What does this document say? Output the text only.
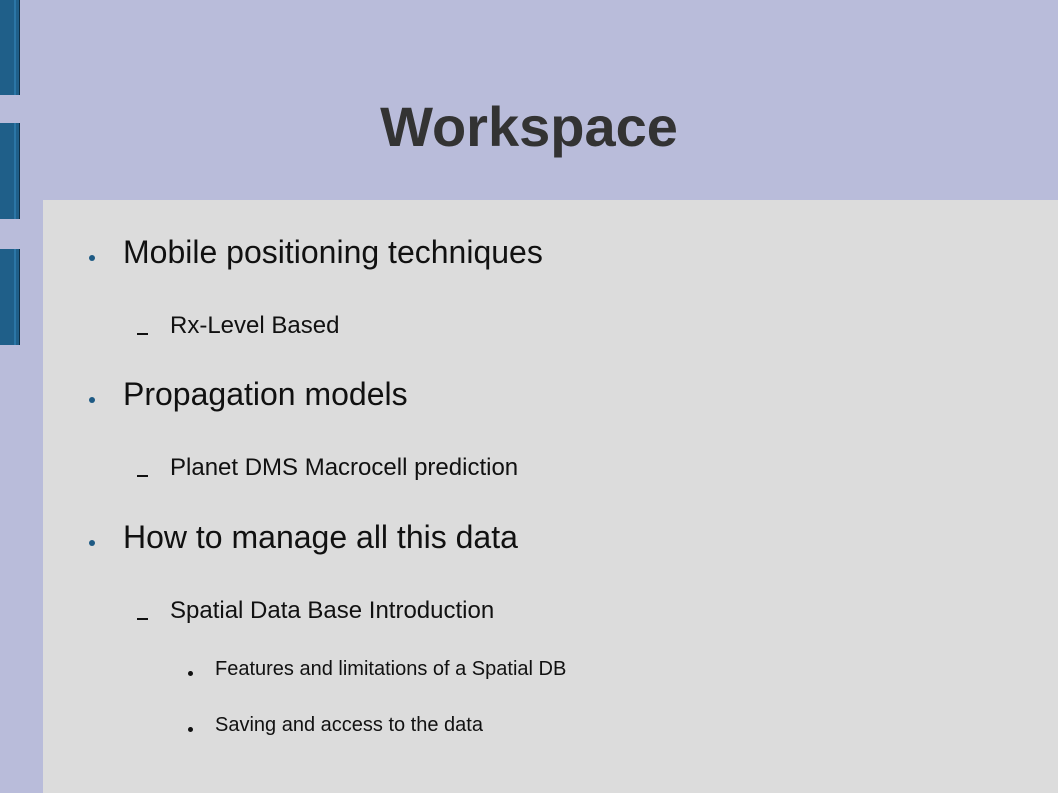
Workspace
Mobile positioning techniques
Rx-Level Based
Propagation models
Planet DMS Macrocell prediction
How to manage all this data
Spatial Data Base Introduction
Features and limitations of a Spatial DB
Saving and access to the data
